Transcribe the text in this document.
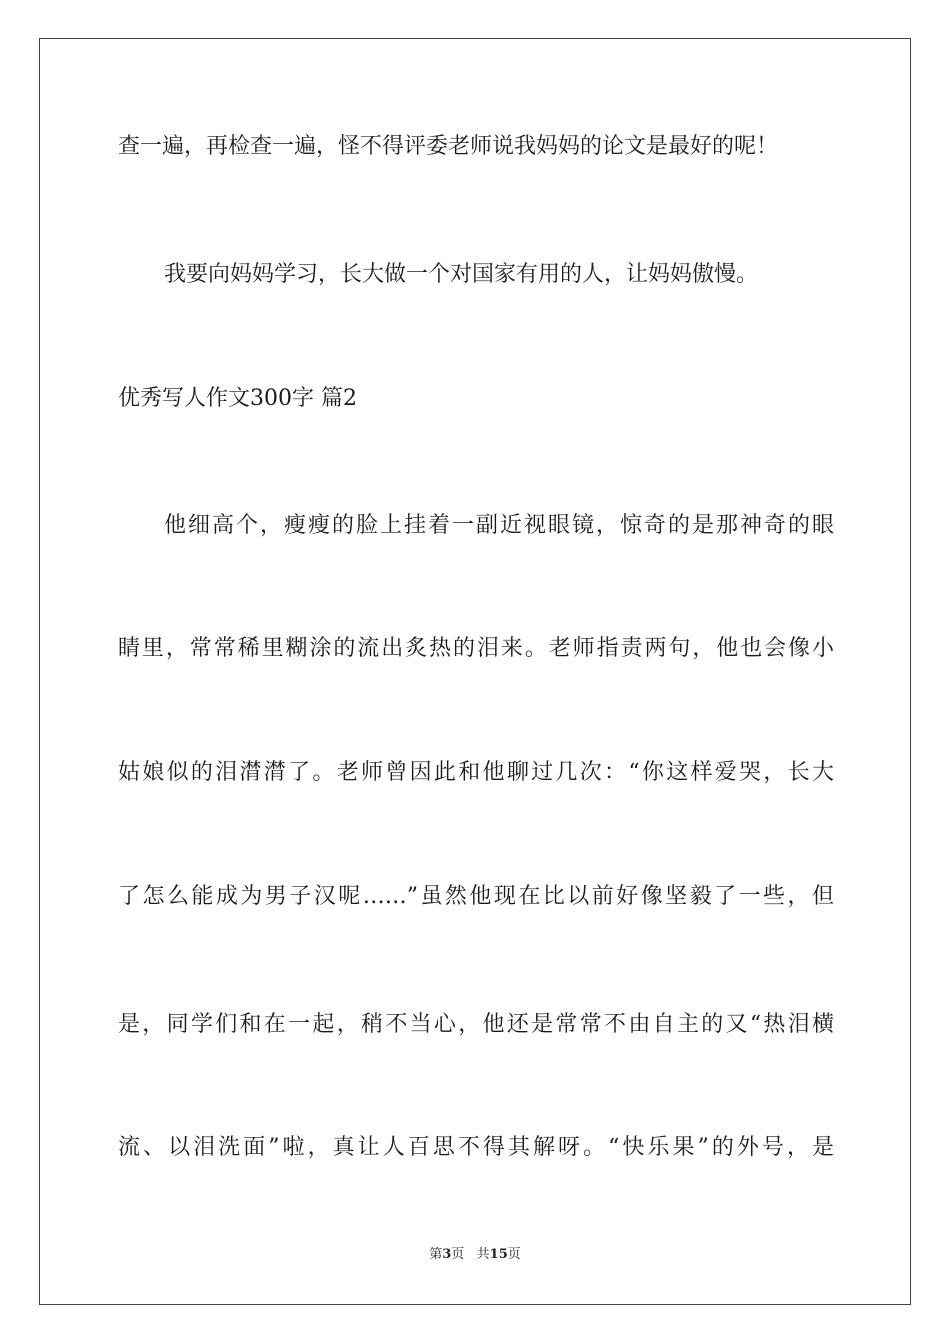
查一遍，再检查一遍，怪不得评委老师说我妈妈的论文是最好的呢！
我要向妈妈学习，长大做一个对国家有用的人，让妈妈傲慢。
优秀写人作文300字 篇2
他细高个，瘦瘦的脸上挂着一副近视眼镜，惊奇的是那神奇的眼
睛里，常常稀里糊涂的流出炙热的泪来。老师指责两句，他也会像小
姑娘似的泪潸潸了。老师曾因此和他聊过几次：“你这样爱哭，长大
了怎么能成为男子汉呢……”虽然他现在比以前好像坚毅了一些，但
是，同学们和在一起，稍不当心，他还是常常不由自主的又“热泪横
流、以泪洗面”啦，真让人百思不得其解呀。“快乐果”的外号，是
第3页   共15页
